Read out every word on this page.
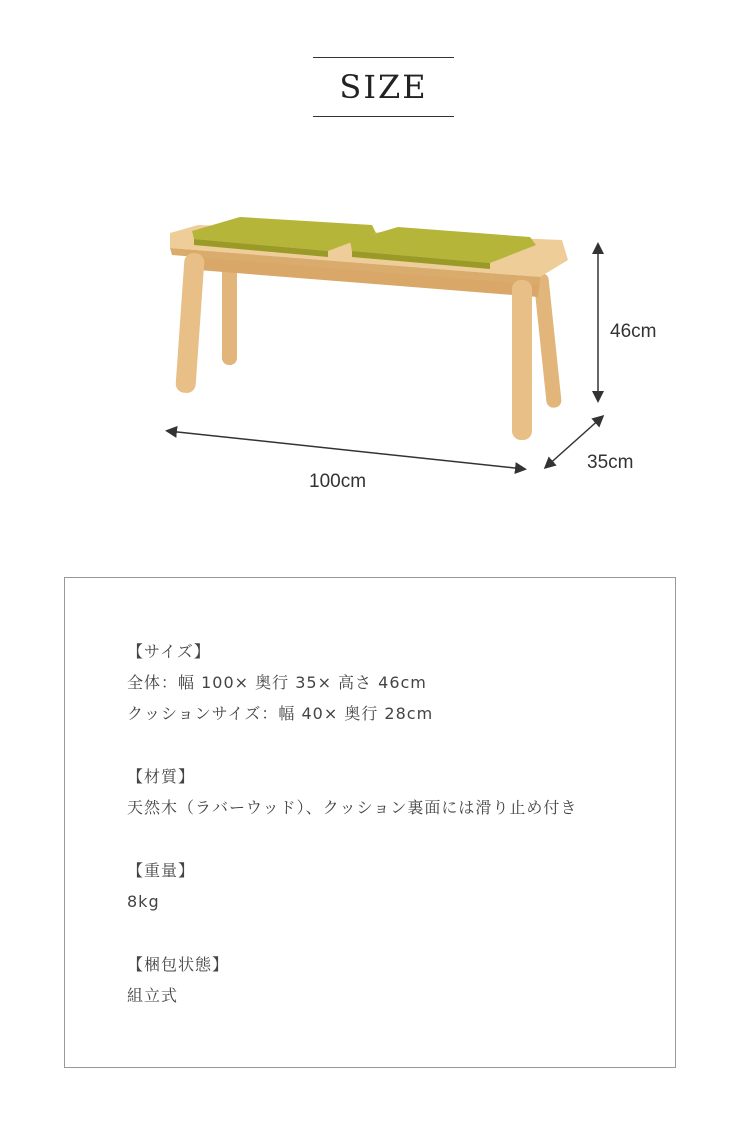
SIZE
46cm
100cm
35cm
【サイズ】
全体：幅 100× 奥行 35× 高さ 46cm
クッションサイズ：幅 40× 奥行 28cm
【材質】
天然木（ラバーウッド）、クッション裏面には滑り止め付き
【重量】
8kg
【梱包状態】
組立式
